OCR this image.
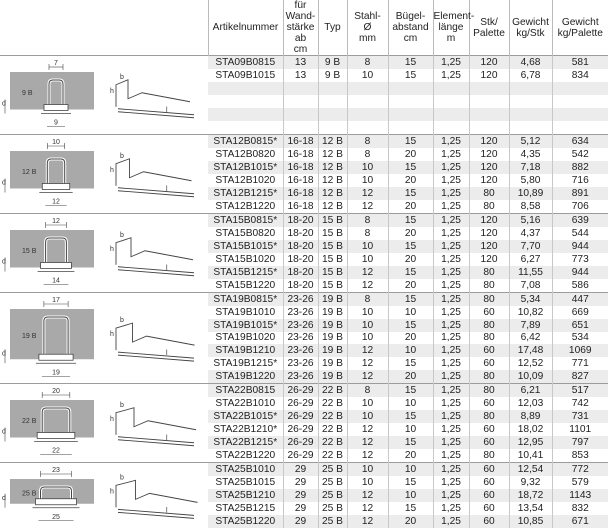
		Artikelnummer	für Wand-
stärke ab
cm	Typ	Stahl-
Ø
mm	Bügel-
abstand
cm	Element-
länge
m	Stk/
Palette	Gewicht
kg/Stk	Gewicht
kg/Palette

7
9
9 B
d	h
b
l	STA09B0815	13	9 B	8	15	1,25	120	4,68	581
		STA09B1015	13	9 B	10	15	1,25	120	6,78	834

10
12
12 B
d	h
b
l	STA12B0815*	16-18	12 B	8	15	1,25	120	5,12	634
		STA12B0820	16-18	12 B	8	20	1,25	120	4,35	542
		STA12B1015*	16-18	12 B	10	15	1,25	120	7,18	882
		STA12B1020	16-18	12 B	10	20	1,25	120	5,80	716
		STA12B1215*	16-18	12 B	12	15	1,25	80	10,89	891
		STA12B1220	16-18	12 B	12	20	1,25	80	8,58	706

12
14
15 B
d	h
b
l	STA15B0815*	18-20	15 B	8	15	1,25	120	5,16	639
		STA15B0820	18-20	15 B	8	20	1,25	120	4,37	544
		STA15B1015*	18-20	15 B	10	15	1,25	120	7,70	944
		STA15B1020	18-20	15 B	10	20	1,25	120	6,27	773
		STA15B1215*	18-20	15 B	12	15	1,25	80	11,55	944
		STA15B1220	18-20	15 B	12	20	1,25	80	7,08	586

17
19
19 B
d	h
b
l	STA19B0815*	23-26	19 B	8	15	1,25	80	5,34	447
		STA19B1010	23-26	19 B	10	10	1,25	60	10,82	669
		STA19B1015*	23-26	19 B	10	15	1,25	80	7,89	651
		STA19B1020	23-26	19 B	10	20	1,25	80	6,42	534
		STA19B1210	23-26	19 B	12	10	1,25	60	17,48	1069
		STA19B1215*	23-26	19 B	12	15	1,25	60	12,52	771
		STA19B1220	23-26	19 B	12	20	1,25	80	10,09	827

20
22
22 B
d	h
b
l	STA22B0815	26-29	22 B	8	15	1,25	80	6,21	517
		STA22B1010	26-29	22 B	10	10	1,25	60	12,03	742
		STA22B1015*	26-29	22 B	10	15	1,25	80	8,89	731
		STA22B1210*	26-29	22 B	12	10	1,25	60	18,02	1101
		STA22B1215*	26-29	22 B	12	15	1,25	60	12,95	797
		STA22B1220	26-29	22 B	12	20	1,25	80	10,41	853

23
25
25 B
d	h
b
l	STA25B1010	29	25 B	10	10	1,25	60	12,54	772
		STA25B1015	29	25 B	10	15	1,25	60	9,32	579
		STA25B1210	29	25 B	12	10	1,25	60	18,72	1143
		STA25B1215	29	25 B	12	15	1,25	60	13,54	832
		STA25B1220	29	25 B	12	20	1,25	60	10,85	671
